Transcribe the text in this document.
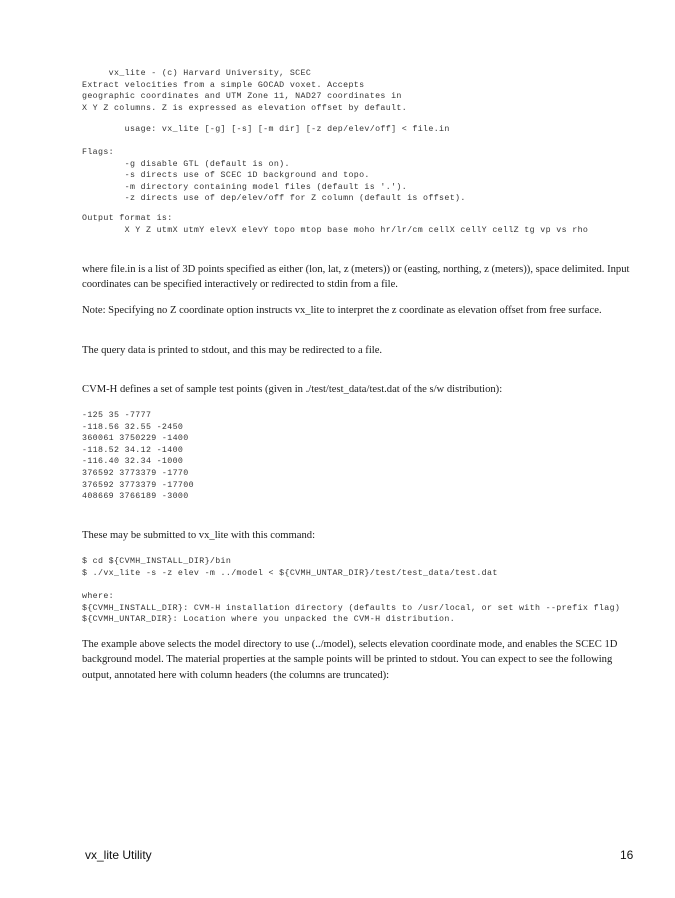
vx_lite - (c) Harvard University, SCEC
Extract velocities from a simple GOCAD voxet. Accepts
geographic coordinates and UTM Zone 11, NAD27 coordinates in
X Y Z columns. Z is expressed as elevation offset by default.
usage: vx_lite [-g] [-s] [-m dir] [-z dep/elev/off] < file.in
Flags:
-g disable GTL (default is on).
-s directs use of SCEC 1D background and topo.
-m directory containing model files (default is '.').
-z directs use of dep/elev/off for Z column (default is offset).
Output format is:
X Y Z utmX utmY elevX elevY topo mtop base moho hr/lr/cm cellX cellY cellZ tg vp vs rho

where file.in is a list of 3D points specified as either (lon, lat, z (meters)) or (easting, northing, z (meters)), space delimited. Input coordinates can be specified interactively or redirected to stdin from a file.

Note: Specifying no Z coordinate option instructs vx_lite to interpret the z coordinate as elevation offset from free surface.

The query data is printed to stdout, and this may be redirected to a file.

CVM-H defines a set of sample test points (given in ./test/test_data/test.dat of the s/w distribution):

-125 35 -7777
-118.56 32.55 -2450
360061 3750229 -1400
-118.52 34.12 -1400
-116.40 32.34 -1000
376592 3773379 -1770
376592 3773379 -17700
408669 3766189 -3000

These may be submitted to vx_lite with this command:

$ cd ${CVMH_INSTALL_DIR}/bin
$ ./vx_lite -s -z elev -m ../model < ${CVMH_UNTAR_DIR}/test/test_data/test.dat
where:
${CVMH_INSTALL_DIR}: CVM-H installation directory (defaults to /usr/local, or set with --prefix flag)
${CVMH_UNTAR_DIR}: Location where you unpacked the CVM-H distribution.

The example above selects the model directory to use (../model), selects elevation coordinate mode, and enables the SCEC 1D background model. The material properties at the sample points will be printed to stdout. You can expect to see the following output, annotated here with column headers (the columns are truncated):

vx_lite Utility	16
